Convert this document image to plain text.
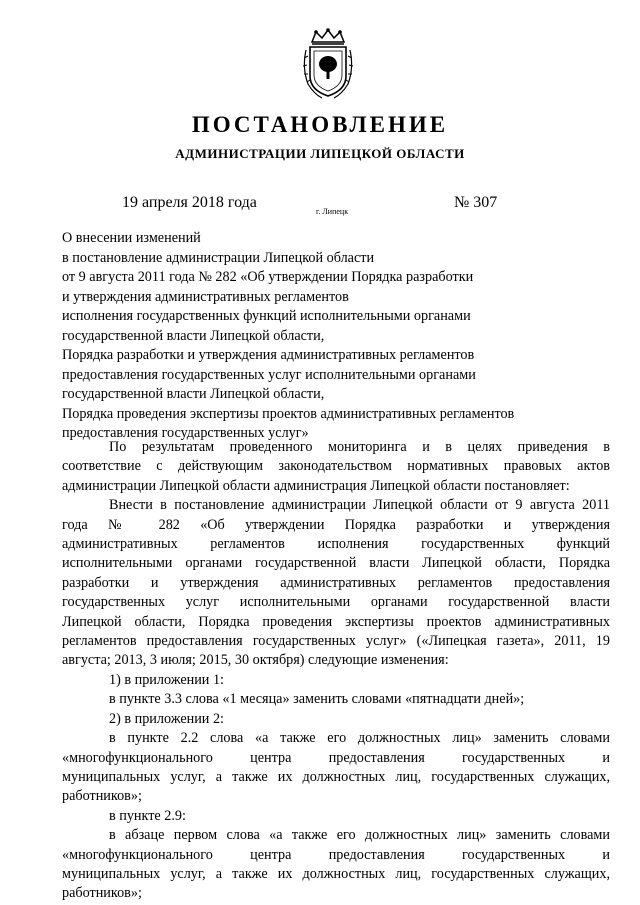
ПОСТАНОВЛЕНИЕ
АДМИНИСТРАЦИИ ЛИПЕЦКОЙ ОБЛАСТИ
19 апреля 2018 года
г. Липецк
№ 307
О внесении изменений
в постановление администрации Липецкой области
от 9 августа 2011 года № 282 «Об утверждении Порядка разработки
и утверждения административных регламентов
исполнения государственных функций исполнительными органами
государственной власти Липецкой области,
Порядка разработки и утверждения административных регламентов
предоставления государственных услуг исполнительными органами
государственной власти Липецкой области,
Порядка проведения экспертизы проектов административных регламентов
предоставления государственных услуг»
По результатам проведенного мониторинга и в целях приведения в
соответствие с действующим законодательством нормативных правовых актов
администрации Липецкой области администрация Липецкой области постановляет:
Внести в постановление администрации Липецкой области от 9 августа 2011
года № 282 «Об утверждении Порядка разработки и утверждения
административных регламентов исполнения государственных функций
исполнительными органами государственной власти Липецкой области, Порядка
разработки и утверждения административных регламентов предоставления
государственных услуг исполнительными органами государственной власти
Липецкой области, Порядка проведения экспертизы проектов административных
регламентов предоставления государственных услуг» («Липецкая газета», 2011, 19
августа; 2013, 3 июля; 2015, 30 октября) следующие изменения:
1) в приложении 1:
в пункте 3.3 слова «1 месяца» заменить словами «пятнадцати дней»;
2) в приложении 2:
в пункте 2.2 слова «а также его должностных лиц» заменить словами
«многофункционального центра предоставления государственных и
муниципальных услуг, а также их должностных лиц, государственных служащих,
работников»;
в пункте 2.9:
в абзаце первом слова «а также его должностных лиц» заменить словами
«многофункционального центра предоставления государственных и
муниципальных услуг, а также их должностных лиц, государственных служащих,
работников»;
